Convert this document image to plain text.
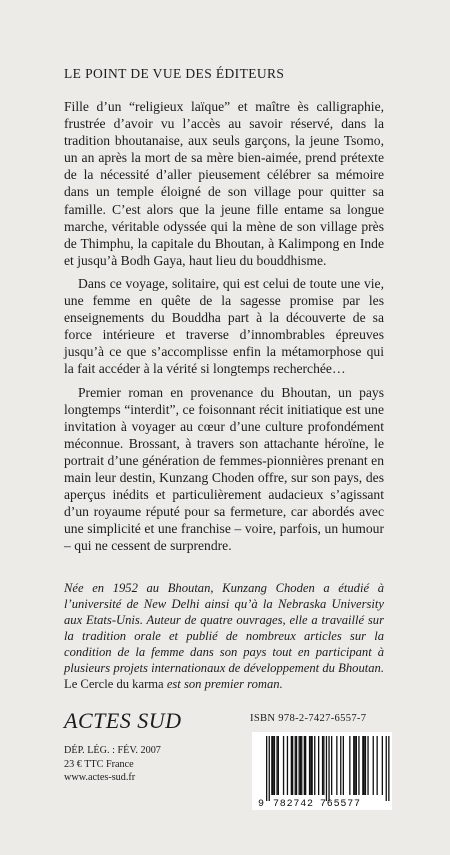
LE POINT DE VUE DES ÉDITEURS

Fille d’un “religieux laïque” et maître ès calligraphie, frustrée d’avoir vu l’accès au savoir réservé, dans la tradition bhoutanaise, aux seuls garçons, la jeune Tsomo, un an après la mort de sa mère bien-aimée, prend prétexte de la nécessité d’aller pieusement célébrer sa mémoire dans un temple éloigné de son village pour quitter sa famille. C’est alors que la jeune fille entame sa longue marche, véritable odyssée qui la mène de son village près de Thimphu, la capitale du Bhoutan, à Kalimpong en Inde et jusqu’à Bodh Gaya, haut lieu du bouddhisme.

Dans ce voyage, solitaire, qui est celui de toute une vie, une femme en quête de la sagesse promise par les enseignements du Bouddha part à la découverte de sa force intérieure et traverse d’innombrables épreuves jusqu’à ce que s’accomplisse enfin la métamorphose qui la fait accéder à la vérité si longtemps recherchée…

Premier roman en provenance du Bhoutan, un pays longtemps “interdit”, ce foisonnant récit initiatique est une invitation à voyager au cœur d’une culture profondément méconnue. Brossant, à travers son attachante héroïne, le portrait d’une génération de femmes-pionnières prenant en main leur destin, Kunzang Choden offre, sur son pays, des aperçus inédits et particulièrement audacieux s’agissant d’un royaume réputé pour sa fermeture, car abordés avec une simplicité et une franchise – voire, parfois, un humour – qui ne cessent de surprendre.

Née en 1952 au Bhoutan, Kunzang Choden a étudié à l’université de New Delhi ainsi qu’à la Nebraska University aux Etats-Unis. Auteur de quatre ouvrages, elle a travaillé sur la tradition orale et publié de nombreux articles sur la condition de la femme dans son pays tout en participant à plusieurs projets internationaux de développement du Bhoutan. Le Cercle du karma est son premier roman.

ACTES SUD
DÉP. LÉG. : FÉV. 2007
23 € TTC France
www.actes-sud.fr
ISBN 978-2-7427-6557-7
9 782742 765577
